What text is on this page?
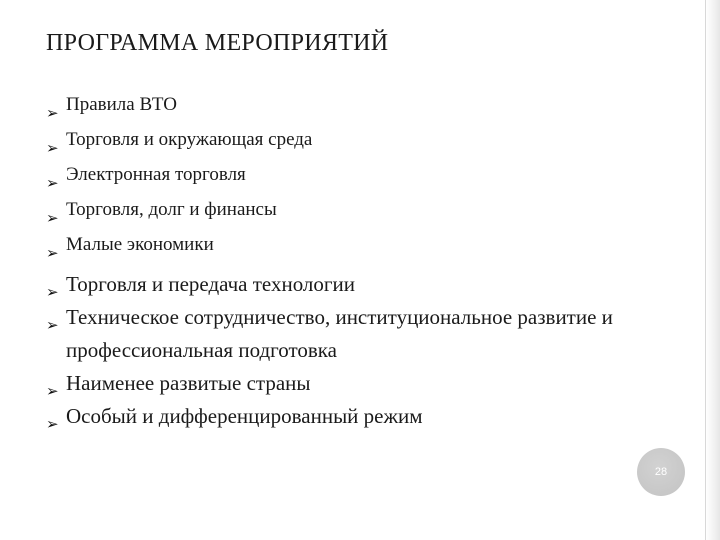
ПРОГРАММА МЕРОПРИЯТИЙ
➢ Правила ВТО
➢ Торговля и окружающая среда
➢ Электронная торговля
➢ Торговля, долг и финансы
➢ Малые экономики
➢ Торговля и передача технологии
➢ Техническое сотрудничество, институциональное развитие и профессиональная подготовка
➢ Наименее развитые страны
➢ Особый и дифференцированный режим
28
